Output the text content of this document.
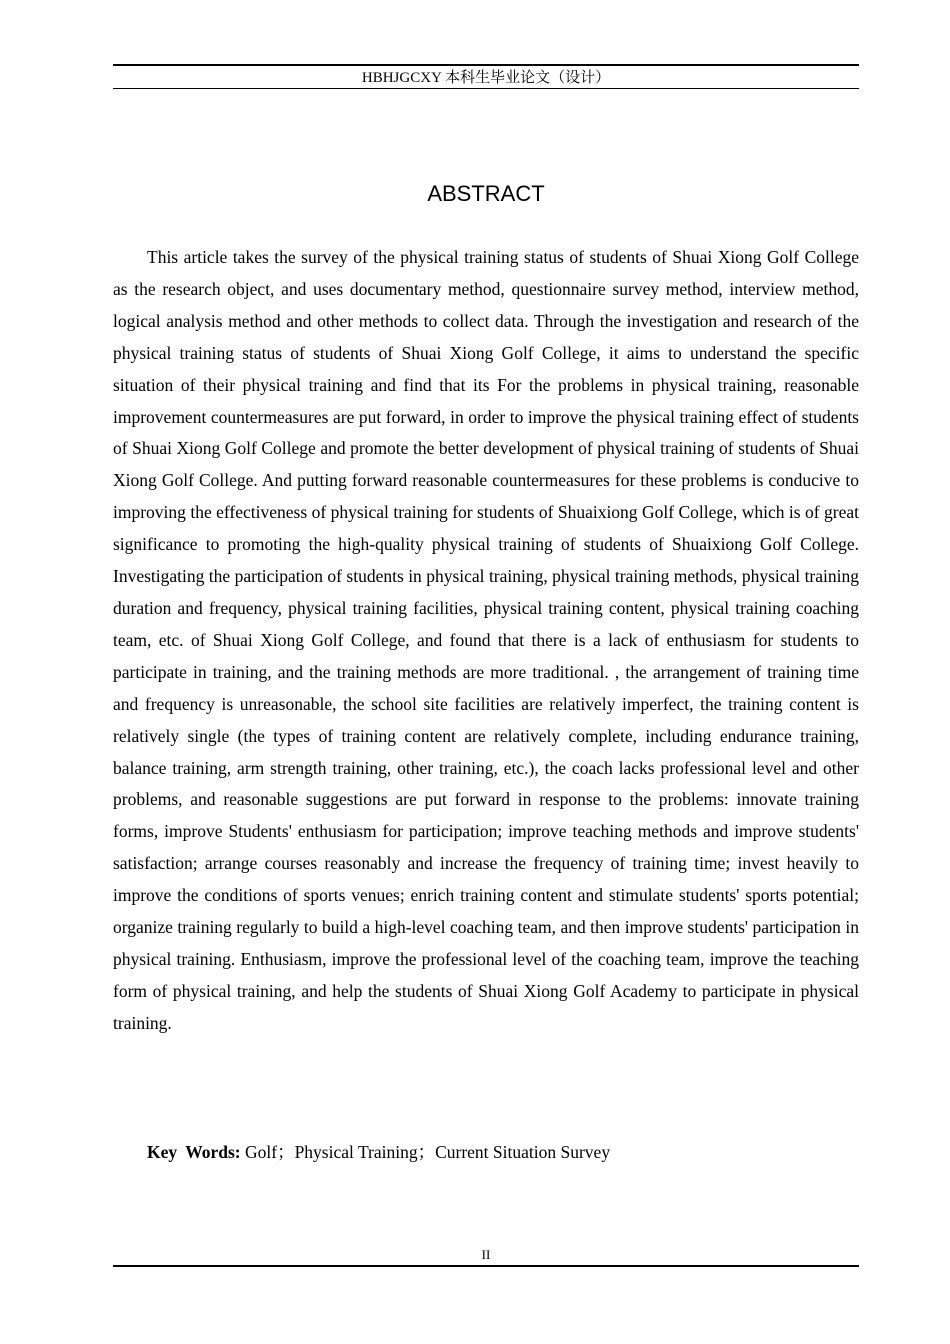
HBHJGCXY 本科生毕业论文（设计）
ABSTRACT

This article takes the survey of the physical training status of students of Shuai Xiong Golf College as the research object, and uses documentary method, questionnaire survey method, interview method, logical analysis method and other methods to collect data. Through the investigation and research of the physical training status of students of Shuai Xiong Golf College, it aims to understand the specific situation of their physical training and find that its For the problems in physical training, reasonable improvement countermeasures are put forward, in order to improve the physical training effect of students of Shuai Xiong Golf College and promote the better development of physical training of students of Shuai Xiong Golf College. And putting forward reasonable countermeasures for these problems is conducive to improving the effectiveness of physical training for students of Shuaixiong Golf College, which is of great significance to promoting the high-quality physical training of students of Shuaixiong Golf College. Investigating the participation of students in physical training, physical training methods, physical training duration and frequency, physical training facilities, physical training content, physical training coaching team, etc. of Shuai Xiong Golf College, and found that there is a lack of enthusiasm for students to participate in training, and the training methods are more traditional. , the arrangement of training time and frequency is unreasonable, the school site facilities are relatively imperfect, the training content is relatively single (the types of training content are relatively complete, including endurance training, balance training, arm strength training, other training, etc.), the coach lacks professional level and other problems, and reasonable suggestions are put forward in response to the problems: innovate training forms, improve Students' enthusiasm for participation; improve teaching methods and improve students' satisfaction; arrange courses reasonably and increase the frequency of training time; invest heavily to improve the conditions of sports venues; enrich training content and stimulate students' sports potential; organize training regularly to build a high-level coaching team, and then improve students' participation in physical training. Enthusiasm, improve the professional level of the coaching team, improve the teaching form of physical training, and help the students of Shuai Xiong Golf Academy to participate in physical training.

Key Words: Golf；Physical Training；Current Situation Survey
II
